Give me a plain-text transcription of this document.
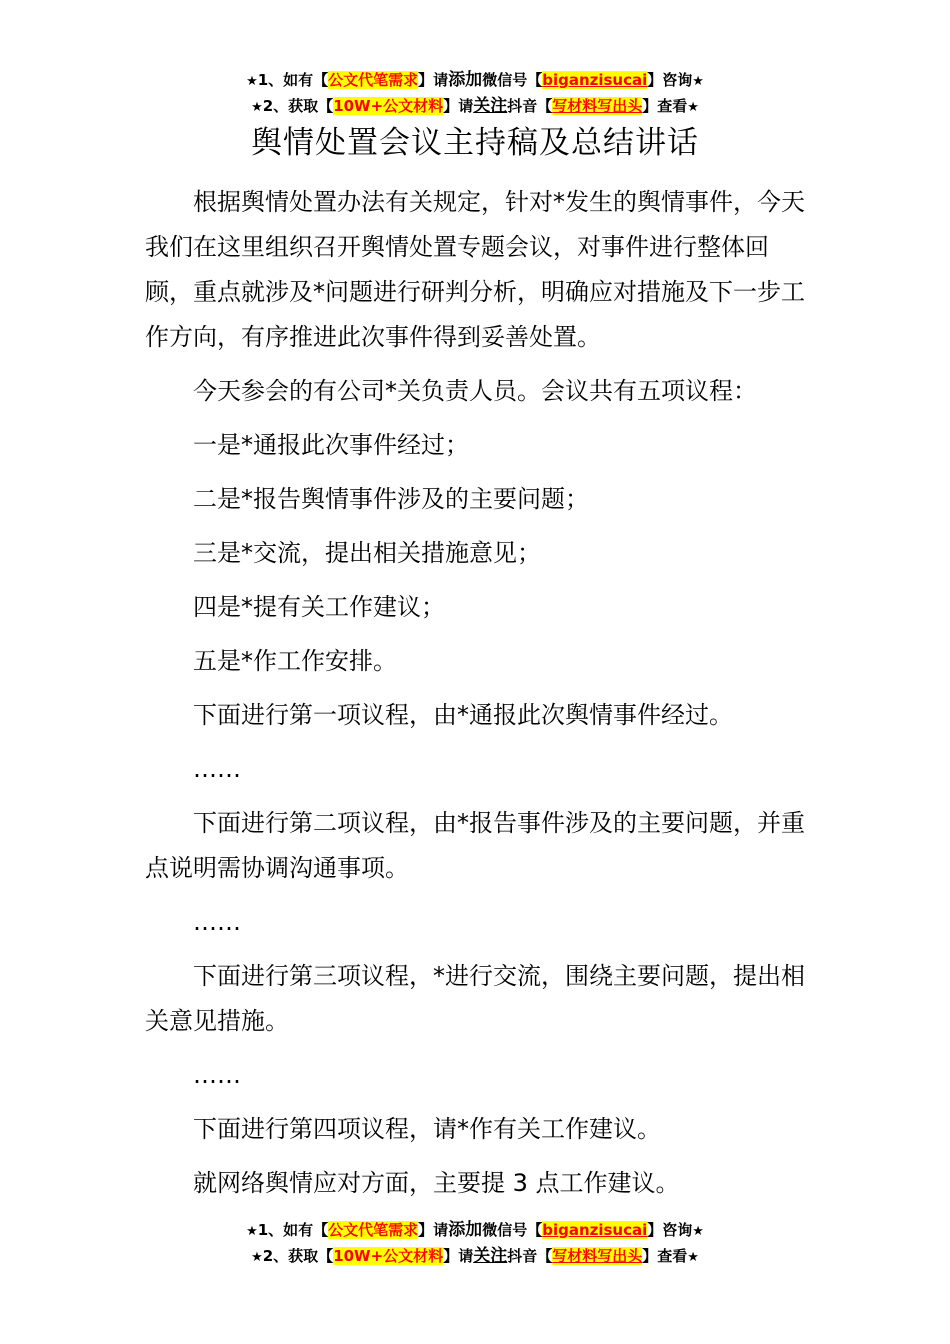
★1、如有【公文代笔需求】请添加微信号【biganzisucai】咨询★
★2、获取【10W+公文材料】请关注抖音【写材料写出头】查看★
舆情处置会议主持稿及总结讲话

根据舆情处置办法有关规定，针对*发生的舆情事件，今天我们在这里组织召开舆情处置专题会议，对事件进行整体回顾，重点就涉及*问题进行研判分析，明确应对措施及下一步工作方向，有序推进此次事件得到妥善处置。

今天参会的有公司*关负责人员。会议共有五项议程：

一是*通报此次事件经过；

二是*报告舆情事件涉及的主要问题；

三是*交流，提出相关措施意见；

四是*提有关工作建议；

五是*作工作安排。

下面进行第一项议程，由*通报此次舆情事件经过。

……

下面进行第二项议程，由*报告事件涉及的主要问题，并重点说明需协调沟通事项。

……

下面进行第三项议程，*进行交流，围绕主要问题，提出相关意见措施。

……

下面进行第四项议程，请*作有关工作建议。

就网络舆情应对方面，主要提 3 点工作建议。

★1、如有【公文代笔需求】请添加微信号【biganzisucai】咨询★
★2、获取【10W+公文材料】请关注抖音【写材料写出头】查看★
